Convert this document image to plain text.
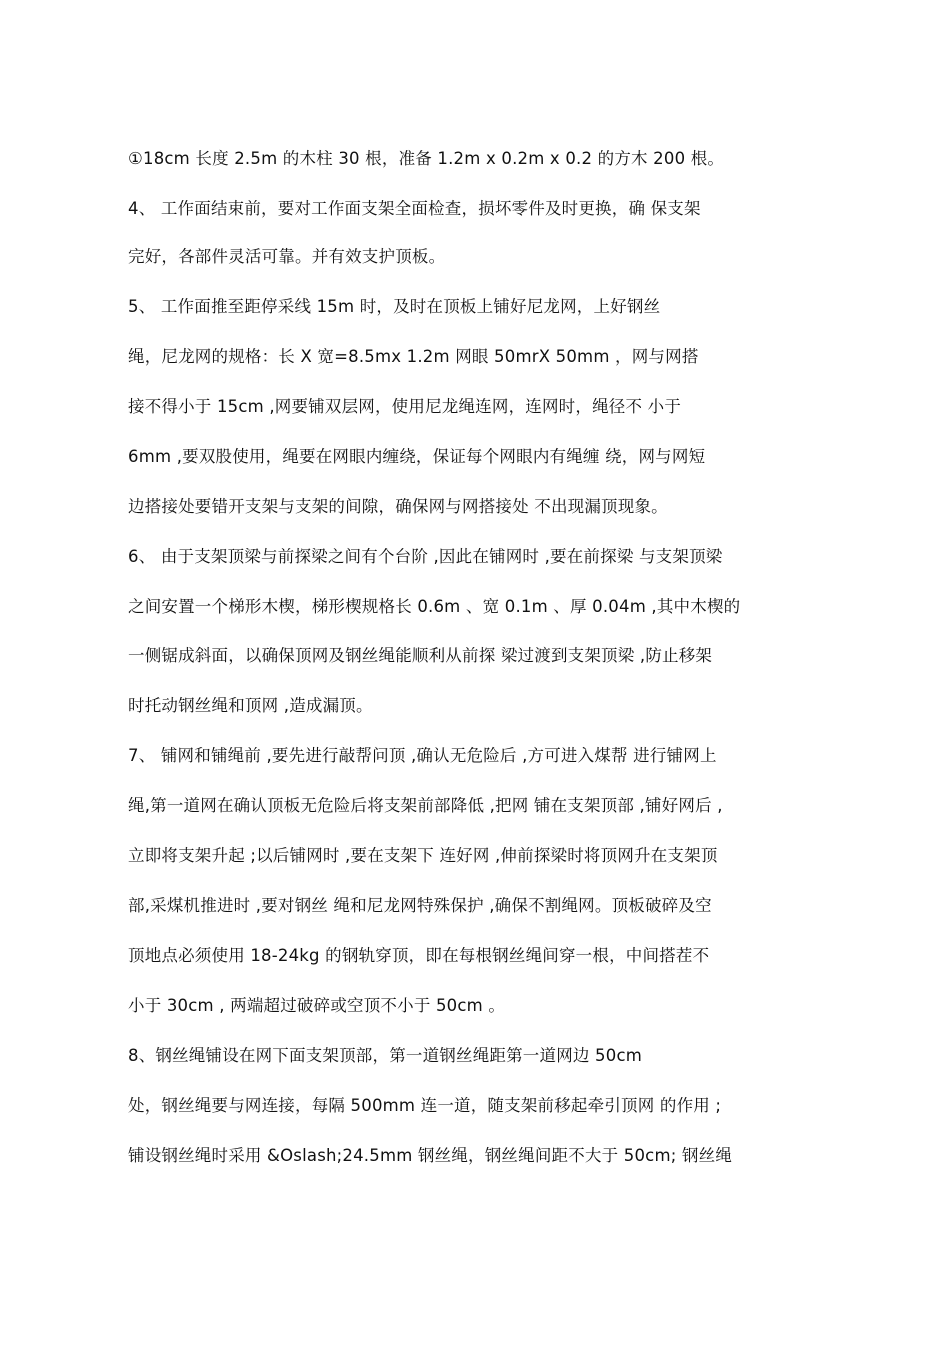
①18cm 长度 2.5m 的木柱 30 根，准备 1.2m x 0.2m x 0.2 的方木 200 根。
4、 工作面结束前，要对工作面支架全面检查，损坏零件及时更换，确 保支架
完好，各部件灵活可靠。并有效支护顶板。
5、 工作面推至距停采线 15m 时，及时在顶板上铺好尼龙网，上好钢丝
绳，尼龙网的规格：长 X 宽=8.5mx 1.2m 网眼 50mrX 50mm ，网与网搭
接不得小于 15cm ,网要铺双层网，使用尼龙绳连网，连网时，绳径不 小于
6mm ,要双股使用，绳要在网眼内缠绕，保证每个网眼内有绳缠 绕，网与网短
边搭接处要错开支架与支架的间隙，确保网与网搭接处 不出现漏顶现象。
6、 由于支架顶梁与前探梁之间有个台阶 ,因此在铺网时 ,要在前探梁 与支架顶梁
之间安置一个梯形木楔，梯形楔规格长 0.6m 、宽 0.1m 、厚 0.04m ,其中木楔的
一侧锯成斜面，以确保顶网及钢丝绳能顺利从前探 梁过渡到支架顶梁 ,防止移架
时托动钢丝绳和顶网 ,造成漏顶。
7、 铺网和铺绳前 ,要先进行敲帮问顶 ,确认无危险后 ,方可进入煤帮 进行铺网上
绳,第一道网在确认顶板无危险后将支架前部降低 ,把网 铺在支架顶部 ,铺好网后 ,
立即将支架升起 ;以后铺网时 ,要在支架下 连好网 ,伸前探梁时将顶网升在支架顶
部,采煤机推进时 ,要对钢丝 绳和尼龙网特殊保护 ,确保不割绳网。顶板破碎及空
顶地点必须使用 18-24kg 的钢轨穿顶，即在每根钢丝绳间穿一根，中间搭茬不
小于 30cm , 两端超过破碎或空顶不小于 50cm 。
8、钢丝绳铺设在网下面支架顶部，第一道钢丝绳距第一道网边 50cm
处，钢丝绳要与网连接，每隔 500mm 连一道，随支架前移起牵引顶网 的作用 ;
铺设钢丝绳时采用 &Oslash;24.5mm 钢丝绳，钢丝绳间距不大于 50cm; 钢丝绳
